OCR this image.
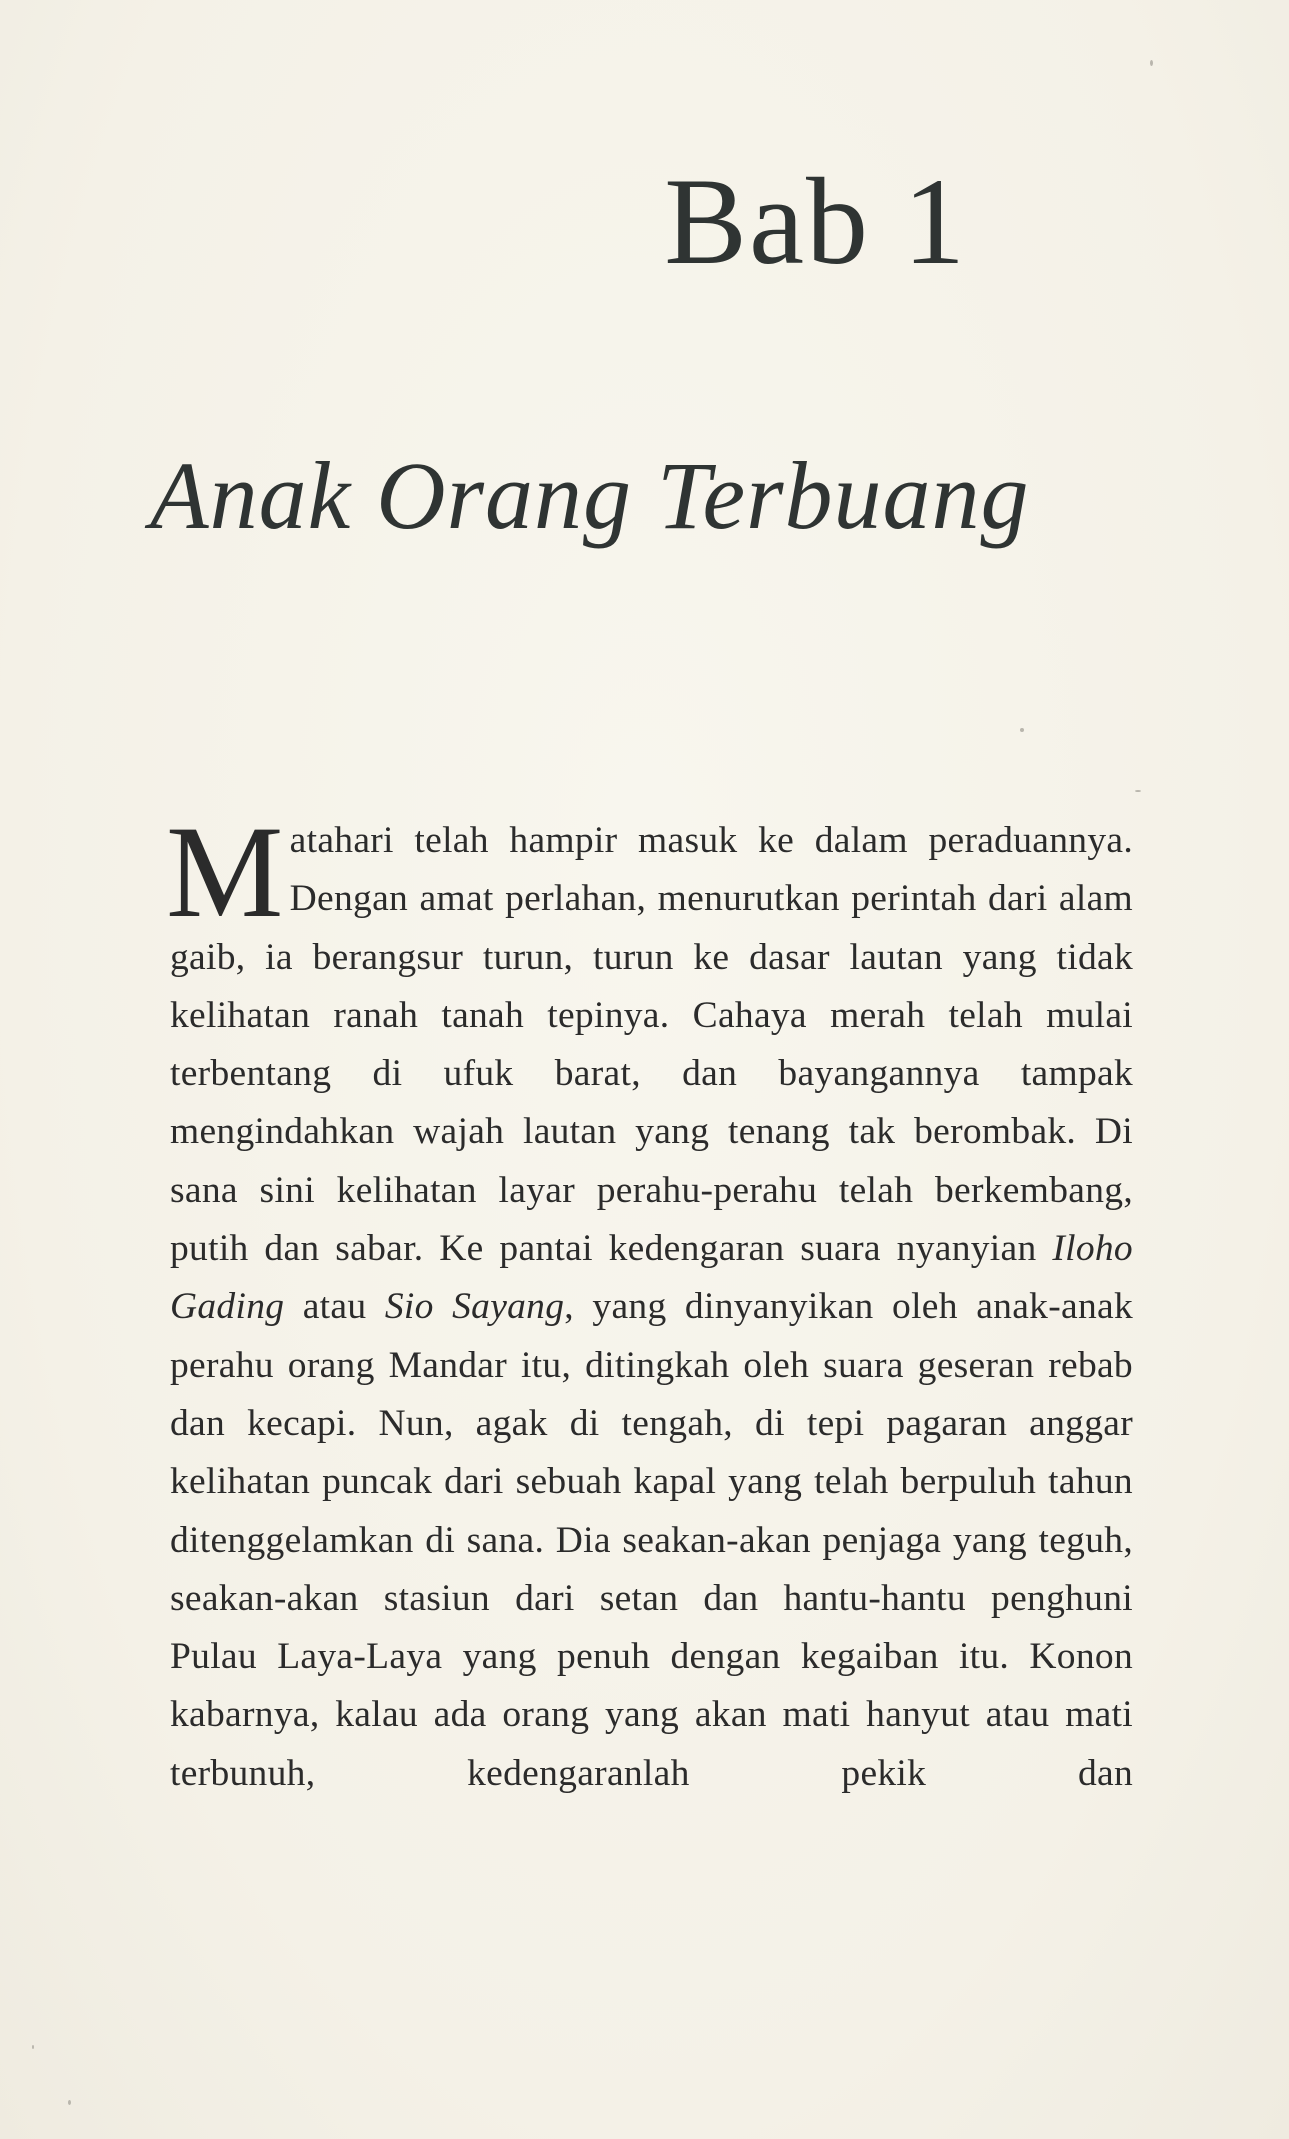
Bab 1
Anak Orang Terbuang

Matahari telah hampir masuk ke dalam peraduannya. Dengan amat perlahan, menurutkan perintah dari alam gaib, ia berangsur turun, turun ke dasar lautan yang tidak kelihatan ranah tanah tepinya. Cahaya merah telah mulai terbentang di ufuk barat, dan bayangannya tampak mengindahkan wajah lautan yang tenang tak berombak. Di sana sini kelihatan layar perahu-perahu telah berkembang, putih dan sabar. Ke pantai kedengaran suara nyanyian Iloho Gading atau Sio Sayang, yang dinyanyikan oleh anak-anak perahu orang Mandar itu, ditingkah oleh suara geseran rebab dan kecapi. Nun, agak di tengah, di tepi pagaran anggar kelihatan puncak dari sebuah kapal yang telah berpuluh tahun ditenggelamkan di sana. Dia seakan-akan penjaga yang teguh, seakan-akan stasiun dari setan dan hantu-hantu penghuni Pulau Laya-Laya yang penuh dengan kegaiban itu. Konon kabarnya, kalau ada orang yang akan mati hanyut atau mati terbunuh, kedengaranlah pekik dan
